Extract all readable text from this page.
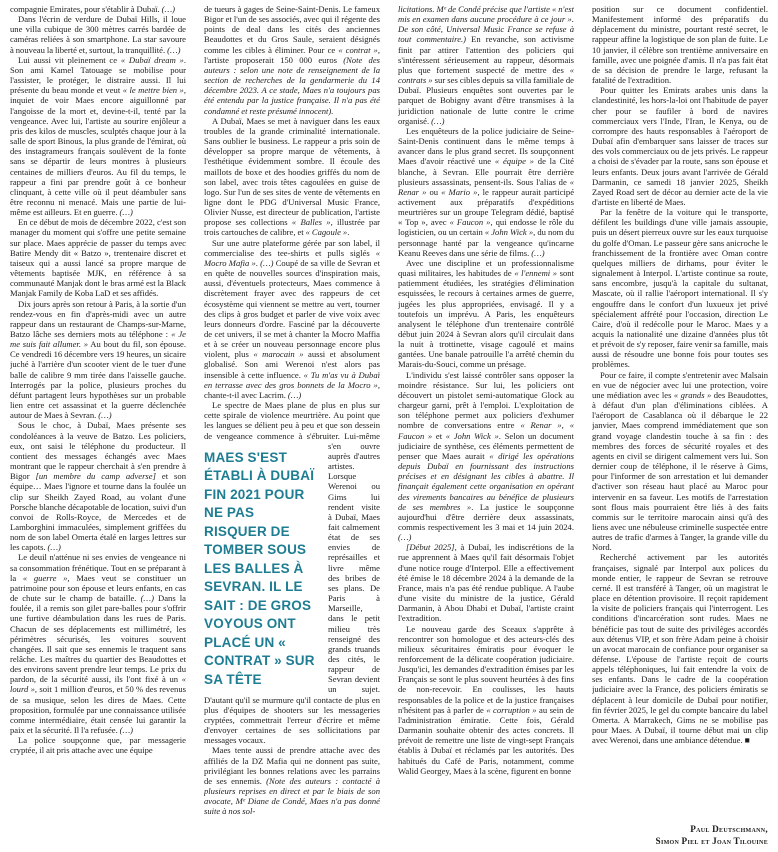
compagnie Emirates, pour s'établir à Dubaï. (…)

Dans l'écrin de verdure de Dubaï Hills, il loue une villa cubique de 300 mètres carrés bardée de caméras reliées à son smartphone. La star savoure à nouveau la liberté et, surtout, la tranquillité. (…)

Lui aussi vit pleinement ce « Dubaï dream ». Son ami Kamel Tatouage se mobilise pour l'assister, le protéger, le distraire aussi. Il lui présente du beau monde et veut « le mettre bien », inquiet de voir Maes encore aiguillonné par l'angoisse de la mort et, devine-t-il, tenté par la vengeance. Avec lui, l'artiste au sourire enjôleur a pris des kilos de muscles, sculptés chaque jour à la salle de sport Binous, la plus grande de l'émirat, où des instagrameurs français soulèvent de la fonte sans se départir de leurs montres à plusieurs centaines de milliers d'euros. Au fil du temps, le rappeur a fini par prendre goût à ce bonheur clinquant, à cette ville où il peut déambuler sans être reconnu ni menacé. Mais une partie de lui-même est ailleurs. Et en guerre. (…)

En ce début de mois de décembre 2022, c'est son manager du moment qui s'offre une petite semaine sur place. Maes apprécie de passer du temps avec Batire Mendy dit « Batzo », trentenaire discret et taiseux qui a aussi lancé sa propre marque de vêtements baptisée MJK, en référence à sa communauté Manjak dont le bras armé est la Black Manjak Family de Koba LaD et ses affidés.

Dix jours après son retour à Paris, à la sortie d'un rendez-vous en fin d'après-midi avec un autre rappeur dans un restaurant de Champs-sur-Marne, Batzo lâche ses derniers mots au téléphone : « Je me suis fait allumer. » Au bout du fil, son épouse. Ce vendredi 16 décembre vers 19 heures, un sicaire juché à l'arrière d'un scooter vient de le tuer d'une balle de calibre 9 mm tirée dans l'aisselle gauche. Interrogés par la police, plusieurs proches du défunt partagent leurs hypothèses sur un probable lien entre cet assassinat et la guerre déclenchée autour de Maes à Sevran. (…)

Sous le choc, à Dubaï, Maes présente ses condoléances à la veuve de Batzo. Les policiers, eux, ont saisi le téléphone du producteur. Il contient des messages échangés avec Maes montrant que le rappeur cherchait à s'en prendre à Bigor [un membre du camp adverse] et son équipe… Maes l'ignore et tourne dans la foulée un clip sur Sheikh Zayed Road, au volant d'une Porsche blanche décapotable de location, suivi d'un convoi de Rolls-Royce, de Mercedes et de Lamborghini immaculées, simplement griffées du nom de son label Omerta étalé en larges lettres sur les capots. (…)

Le deuil n'atténue ni ses envies de vengeance ni sa consommation frénétique. Tout en se préparant à la « guerre », Maes veut se constituer un patrimoine pour son épouse et leurs enfants, en cas de chute sur le champ de bataille. (…) Dans la foulée, il a remis son gilet pare-balles pour s'offrir une furtive déambulation dans les rues de Paris. Chacun de ses déplacements est millimétré, les périmètres sécurisés, les voitures souvent changées. Il sait que ses ennemis le traquent sans relâche. Les maîtres du quartier des Beaudottes et des environs savent prendre leur temps. Le prix du pardon, de la sécurité aussi, ils l'ont fixé à un « lourd », soit 1 million d'euros, et 50 % des revenus de sa musique, selon les dires de Maes. Cette proposition, formulée par une connaissance utilisée comme intermédiaire, était censée lui garantir la paix et la sécurité. Il l'a refusée. (…)

La police soupçonne que, par messagerie cryptée, il ait pris attache avec une équipe

de tueurs à gages de Seine-Saint-Denis. Le fameux Bigor et l'un de ses associés, avec qui il régente des points de deal dans les cités des anciennes Beaudottes et du Gros Saule, seraient désignés comme les cibles à éliminer. Pour ce « contrat », l'artiste proposerait 150 000 euros (Note des auteurs : selon une note de renseignement de la section de recherches de la gendarmerie du 14 décembre 2023. A ce stade, Maes n'a toujours pas été entendu par la justice française. Il n'a pas été condamné et reste présumé innocent).

A Dubaï, Maes se met à naviguer dans les eaux troubles de la grande criminalité internationale. Sans oublier le business. Le rappeur a pris soin de développer sa propre marque de vêtements, à l'esthétique évidemment sombre. Il écoule des maillots de boxe et des hoodies griffés du nom de son label, avec trois têtes cagoulées en guise de logo. Sur l'un de ses sites de vente de vêtements en ligne dont le PDG d'Universal Music France, Olivier Nusse, est directeur de publication, l'artiste propose ses collections « Balles », illustrée par trois cartouches de calibre, et « Cagoule ».

Sur une autre plateforme gérée par son label, il commercialise des tee-shirts et pulls siglés « Mocro Mafia ». (…) Coupé de sa ville de Sevran et en quête de nouvelles sources d'inspiration mais, aussi, d'éventuels protecteurs, Maes commence à discrètement frayer avec des rappeurs de cet écosystème qui viennent se mettre au vert, tourner des clips à gros budget et parler de vive voix avec leurs donneurs d'ordre. Fasciné par la découverte de cet univers, il se met à chanter la Mocro Maffia et à se créer un nouveau personnage encore plus violent, plus « marocain » aussi et absolument globalisé. Son ami Werenoi n'est alors pas insensible à cette influence. « Tu m'as vu à Dubaï en terrasse avec des gros bonnets de la Mocro », chante-t-il avec Lacrim. (…)

Le spectre de Maes plane de plus en plus sur cette spirale de violence meurtrière. Au point que les langues se délient peu à peu et que son dessein de vengeance commence à s'ébruiter. Lui-même s'en ouvre
MAES S'EST ÉTABLI À DUBAÏ FIN 2021 POUR NE PAS RISQUER DE TOMBER SOUS LES BALLES À SEVRAN. IL LE SAIT : DE GROS VOYOUS ONT PLACÉ UN « CONTRAT » SUR SA TÊTE
auprès d'autres artistes. Lorsque Werenoi ou Gims lui rendent visite à Dubaï, Maes fait calmement état de ses envies de représailles et livre même des bribes de ses plans. De Paris à Marseille, dans le petit milieu très renseigné des grands truands des cités, le rappeur de Sevran devient un sujet. D'autant qu'il se murmure qu'il contacte de plus en plus d'équipes de shooters sur les messageries cryptées, commettrait l'erreur d'écrire et même d'envoyer certaines de ses sollicitations par messages vocaux.

Maes tente aussi de prendre attache avec des affiliés de la DZ Mafia qui ne donnent pas suite, privilégiant les bonnes relations avec les parrains de ses ennemis. (Note des auteurs : contacté à plusieurs reprises en direct et par le biais de son avocate, Mᵉ Diane de Condé, Maes n'a pas donné suite à nos sol-

licitations. Mᵉ de Condé précise que l'artiste « n'est mis en examen dans aucune procédure à ce jour ». De son côté, Universal Music France se refuse à tout commentaire.) En revanche, son activisme finit par attirer l'attention des policiers qui s'intéressent sérieusement au rappeur, désormais plus que fortement suspecté de mettre des « contrats » sur ses cibles depuis sa villa familiale de Dubaï. Plusieurs enquêtes sont ouvertes par le parquet de Bobigny avant d'être transmises à la juridiction nationale de lutte contre le crime organisé. (…)

Les enquêteurs de la police judiciaire de Seine-Saint-Denis continuent dans le même temps à avancer dans le plus grand secret. Ils soupçonnent Maes d'avoir réactivé une « équipe » de la Cité blanche, à Sevran. Elle pourrait être derrière plusieurs assassinats, pensent-ils. Sous l'alias de « Renar » ou « Mario », le rappeur aurait participé activement aux préparatifs d'expéditions meurtrières sur un groupe Telegram dédié, baptisé « Top », avec « Faucon », qui endosse le rôle du logisticien, ou un certain « John Wick », du nom du personnage hanté par la vengeance qu'incarne Keanu Reeves dans une série de films. (…)

Avec une discipline et un professionnalisme quasi militaires, les habitudes de « l'ennemi » sont patiemment étudiées, les stratégies d'élimination esquissées, le recours à certaines armes de guerre, jugées les plus appropriées, envisagé. Il y a toutefois un imprévu. A Paris, les enquêteurs analysent le téléphone d'un trentenaire contrôlé début juin 2024 à Sevran alors qu'il circulait dans la nuit à trottinette, visage cagoulé et mains gantées. Une banale patrouille l'a arrêté chemin du Marais-du-Souci, comme un présage.

L'individu s'est laissé contrôler sans opposer la moindre résistance. Sur lui, les policiers ont découvert un pistolet semi-automatique Glock au chargeur garni, prêt à l'emploi. L'exploitation de son téléphone permet aux policiers d'exhumer nombre de conversations entre « Renar », « Faucon » et « John Wick ». Selon un document judiciaire de synthèse, ces éléments permettent de penser que Maes aurait « dirigé les opérations depuis Dubaï en fournissant des instructions précises et en désignant les cibles à abattre. Il finançait également cette organisation en opérant des virements bancaires au bénéfice de plusieurs de ses membres ». La justice le soupçonne aujourd'hui d'être derrière deux assassinats, commis respectivement les 3 mai et 14 juin 2024. (…)

[Début 2025], à Dubaï, les indiscrétions de la rue apprennent à Maes qu'il fait désormais l'objet d'une notice rouge d'Interpol. Elle a effectivement été émise le 18 décembre 2024 à la demande de la France, mais n'a pas été rendue publique. A l'aube d'une visite du ministre de la justice, Gérald Darmanin, à Abou Dhabi et Dubaï, l'artiste craint l'extradition.

Le nouveau garde des Sceaux s'apprête à rencontrer son homologue et des acteurs-clés des milieux sécuritaires émiratis pour évoquer le renforcement de la délicate coopération judiciaire. Jusqu'ici, les demandes d'extradition émises par les Français se sont le plus souvent heurtées à des fins de non-recevoir. En coulisses, les hauts responsables de la police et de la justice françaises n'hésitent pas à parler de « corruption » au sein de l'administration émiratie. Cette fois, Gérald Darmanin souhaite obtenir des actes concrets. Il prévoit de remettre une liste de vingt-sept Français établis à Dubaï et réclamés par les autorités. Des habitués du Café de Paris, notamment, comme Walid Georgey, Maes à la scène, figurent en bonne

position sur ce document confidentiel. Manifestement informé des préparatifs du déplacement du ministre, pourtant resté secret, le rappeur affine la logistique de son plan de fuite. Le 10 janvier, il célèbre son trentième anniversaire en famille, avec une poignée d'amis. Il n'a pas fait état de sa décision de prendre le large, refusant la fatalité de l'extradition.

Pour quitter les Emirats arabes unis dans la clandestinité, les hors-la-loi ont l'habitude de payer cher pour se faufiler à bord de navires commerciaux vers l'Inde, l'Iran, le Kenya, ou de corrompre des hauts responsables à l'aéroport de Dubaï afin d'embarquer sans laisser de traces sur des vols commerciaux ou de jets privés. Le rappeur a choisi de s'évader par la route, sans son épouse et leurs enfants. Deux jours avant l'arrivée de Gérald Darmanin, ce samedi 18 janvier 2025, Sheikh Zayed Road sert de décor au dernier acte de la vie d'artiste en liberté de Maes.

Par la fenêtre de la voiture qui le transporte, défilent les buildings d'une ville jamais assoupie, puis un désert pierreux ouvre sur les eaux turquoise du golfe d'Oman. Le passeur gère sans anicroche le franchissement de la frontière avec Oman contre quelques milliers de dirhams, pour éviter le signalement à Interpol. L'artiste continue sa route, sans encombre, jusqu'à la capitale du sultanat, Mascate, où il rallie l'aéroport international. Il s'y engouffre dans le confort d'un luxueux jet privé spécialement affrété pour l'occasion, direction Le Caire, d'où il redécolle pour le Maroc. Maes y a acquis la nationalité une dizaine d'années plus tôt et prévoit de s'y reposer, faire venir sa famille, mais aussi de résoudre une bonne fois pour toutes ses problèmes.

Pour ce faire, il compte s'entretenir avec Malsain en vue de négocier avec lui une protection, voire une médiation avec les « grands » des Beaudottes, à défaut d'un plan d'éliminations ciblées. A l'aéroport de Casablanca où il débarque le 22 janvier, Maes comprend immédiatement que son grand voyage clandestin touche à sa fin : des membres des forces de sécurité royales et des agents en civil se dirigent calmement vers lui. Son dernier coup de téléphone, il le réserve à Gims, pour l'informer de son arrestation et lui demander d'activer son réseau haut placé au Maroc pour intervenir en sa faveur. Les motifs de l'arrestation sont flous mais pourraient être liés à des faits commis sur le territoire marocain ainsi qu'à des liens avec une nébuleuse criminelle suspectée entre autres de trafic d'armes à Tanger, la grande ville du Nord.

Recherché activement par les autorités françaises, signalé par Interpol aux polices du monde entier, le rappeur de Sevran se retrouve cerné. Il est transféré à Tanger, où un magistrat le place en détention provisoire. Il reçoit rapidement la visite de policiers français qui l'interrogent. Les conditions d'incarcération sont rudes. Maes ne bénéficie pas tout de suite des privilèges accordés aux détenus VIP, et son frère Adam peine à choisir un avocat marocain de confiance pour organiser sa défense. L'épouse de l'artiste reçoit de courts appels téléphoniques, lui fait entendre la voix de ses enfants. Dans le cadre de la coopération judiciaire avec la France, des policiers émiratis se déplacent à leur domicile de Dubaï pour notifier, fin février 2025, le gel du compte bancaire du label Omerta. A Marrakech, Gims ne se mobilise pas pour Maes. A Dubaï, il tourne début mai un clip avec Werenoi, dans une ambiance détendue. ■

Paul Deutschmann,
Simon Piel et Joan Tilouine
